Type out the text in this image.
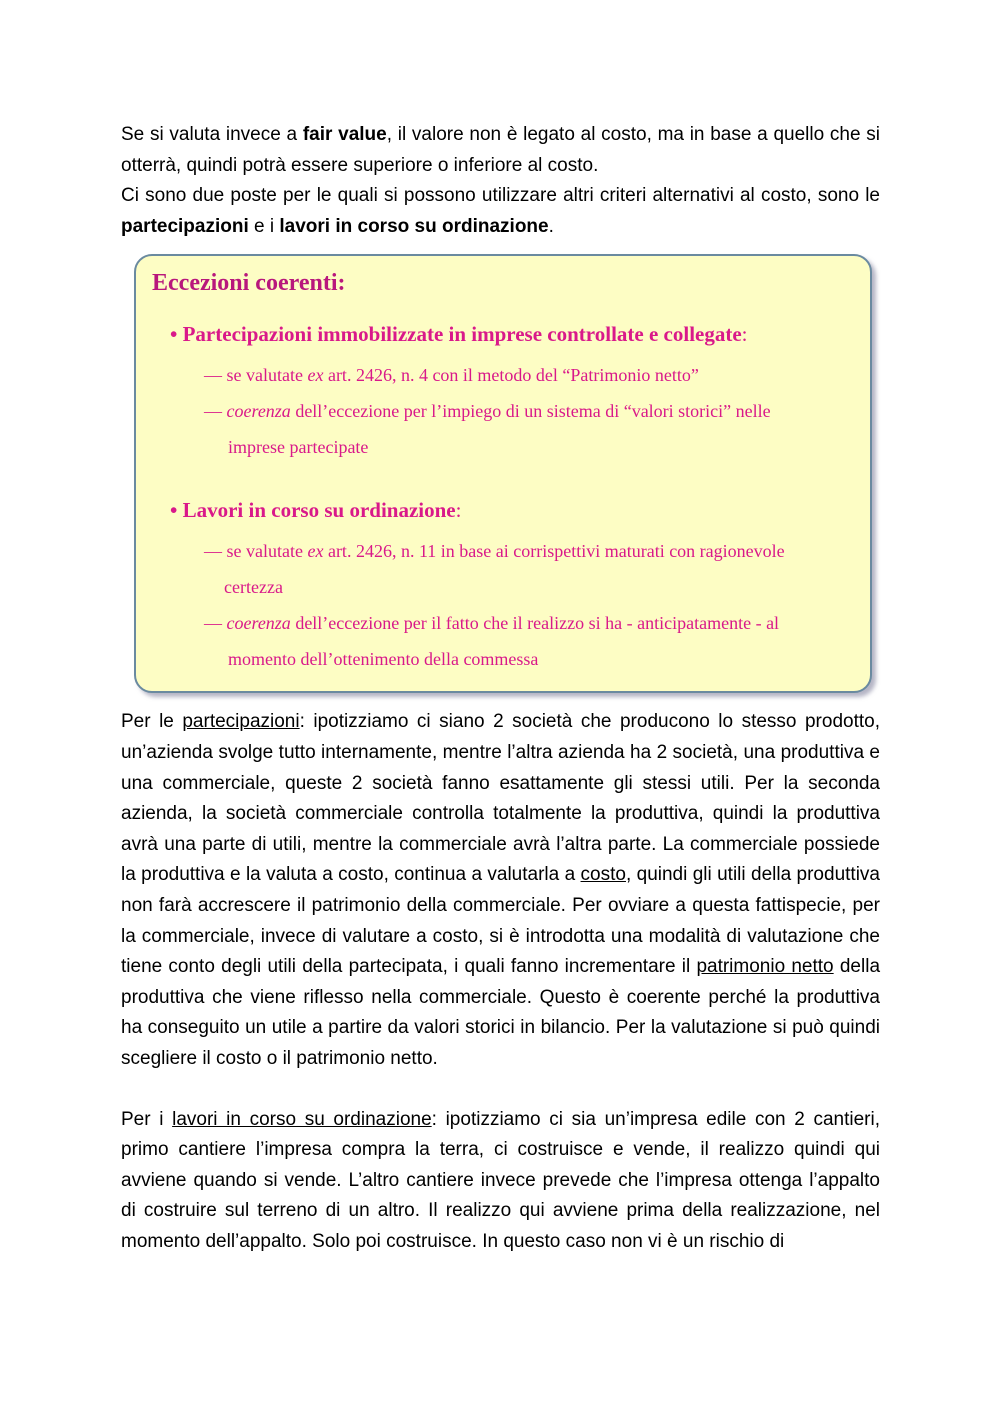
Se si valuta invece a fair value, il valore non è legato al costo, ma in base a quello che si otterrà, quindi potrà essere superiore o inferiore al costo.

Ci sono due poste per le quali si possono utilizzare altri criteri alternativi al costo, sono le partecipazioni e i lavori in corso su ordinazione.

Eccezioni coerenti:
• Partecipazioni immobilizzate in imprese controllate e collegate:
— se valutate ex art. 2426, n. 4 con il metodo del “Patrimonio netto”
— coerenza dell’eccezione per l’impiego di un sistema di “valori storici” nelle
imprese partecipate
• Lavori in corso su ordinazione:
— se valutate ex art. 2426, n. 11 in base ai corrispettivi maturati con ragionevole
certezza
— coerenza dell’eccezione per il fatto che il realizzo si ha - anticipatamente - al
momento dell’ottenimento della commessa

Per le partecipazioni: ipotizziamo ci siano 2 società che producono lo stesso prodotto, un’azienda svolge tutto internamente, mentre l’altra azienda ha 2 società, una produttiva e una commerciale, queste 2 società fanno esattamente gli stessi utili. Per la seconda azienda, la società commerciale controlla totalmente la produttiva, quindi la produttiva avrà una parte di utili, mentre la commerciale avrà l’altra parte. La commerciale possiede la produttiva e la valuta a costo, continua a valutarla a costo, quindi gli utili della produttiva non farà accrescere il patrimonio della commerciale. Per ovviare a questa fattispecie, per la commerciale, invece di valutare a costo, si è introdotta una modalità di valutazione che tiene conto degli utili della partecipata, i quali fanno incrementare il patrimonio netto della produttiva che viene riflesso nella commerciale. Questo è coerente perché la produttiva ha conseguito un utile a partire da valori storici in bilancio. Per la valutazione si può quindi scegliere il costo o il patrimonio netto.

Per i lavori in corso su ordinazione: ipotizziamo ci sia un’impresa edile con 2 cantieri, primo cantiere l’impresa compra la terra, ci costruisce e vende, il realizzo quindi qui avviene quando si vende. L’altro cantiere invece prevede che l’impresa ottenga l’appalto di costruire sul terreno di un altro. Il realizzo qui avviene prima della realizzazione, nel momento dell’appalto. Solo poi costruisce. In questo caso non vi è un rischio di
